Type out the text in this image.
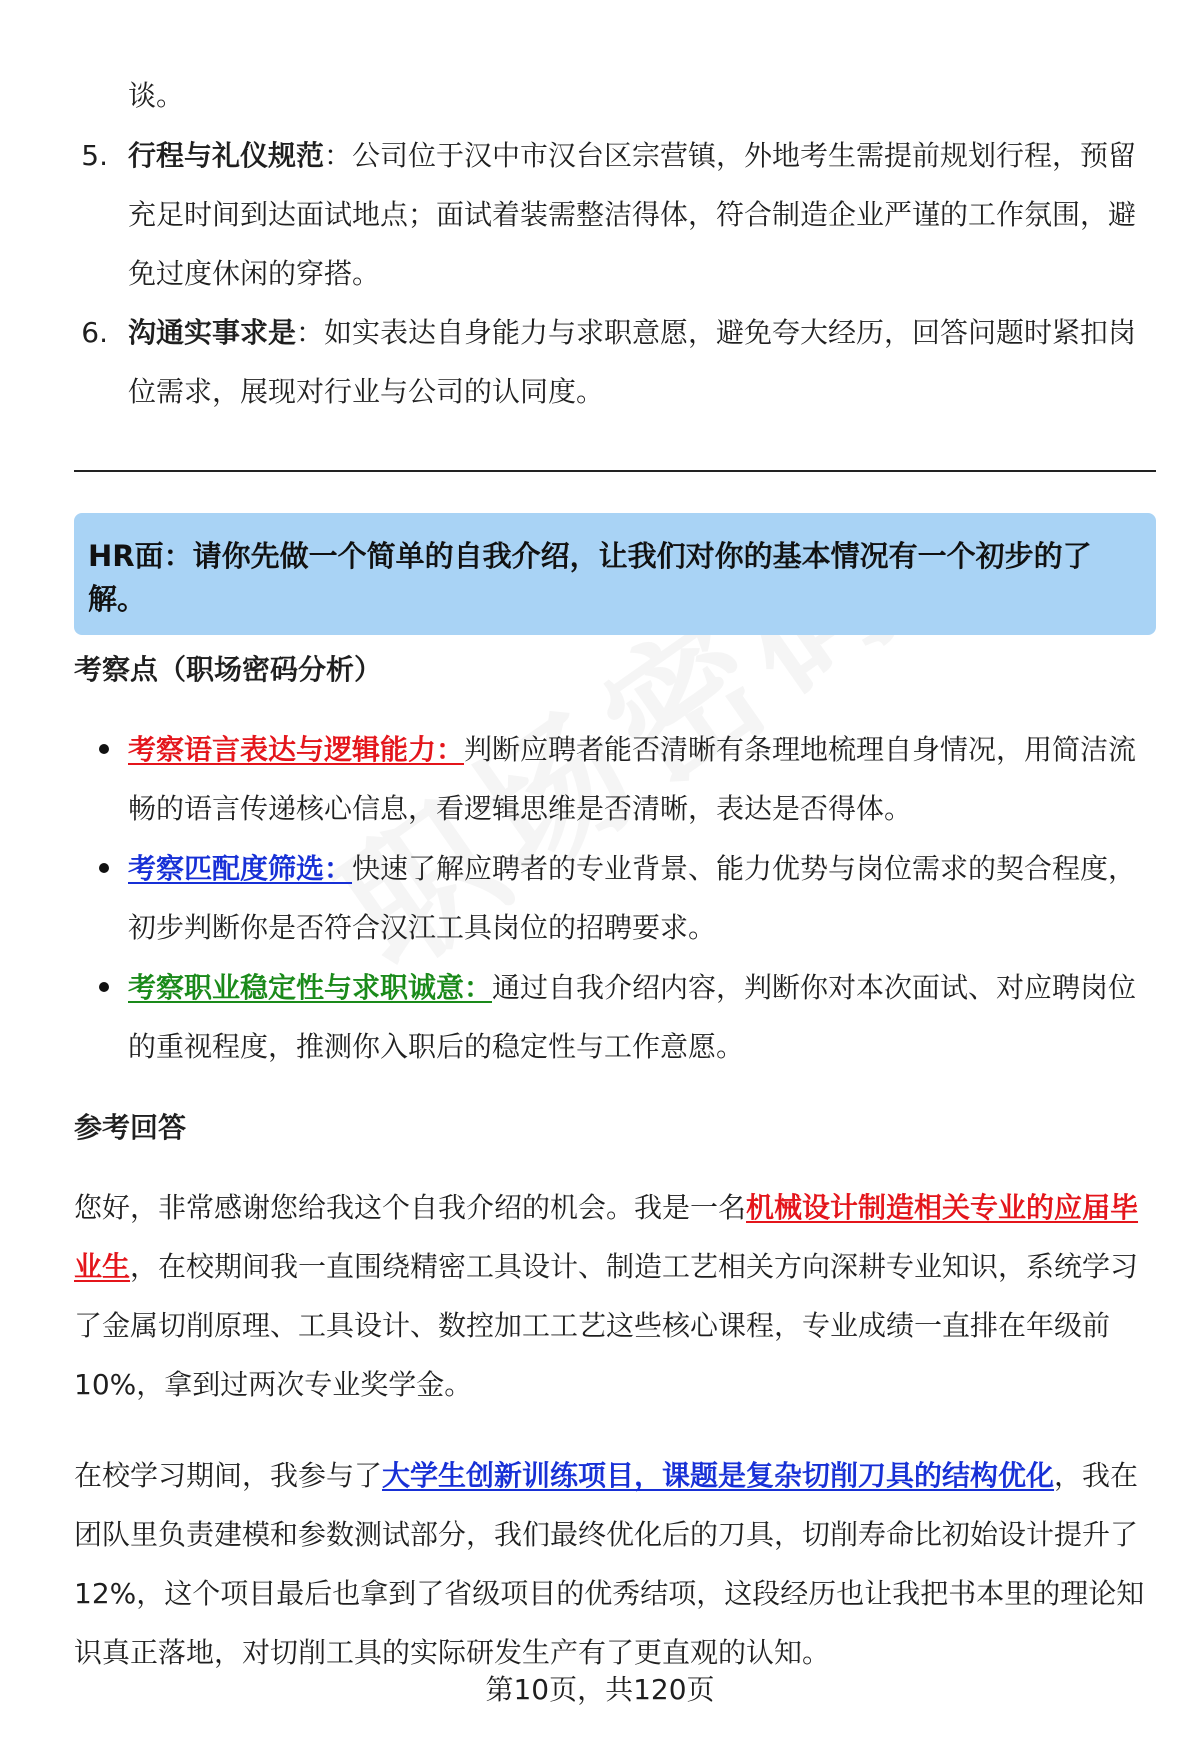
谈。

5. 行程与礼仪规范：公司位于汉中市汉台区宗营镇，外地考生需提前规划行程，预留充足时间到达面试地点；面试着装需整洁得体，符合制造企业严谨的工作氛围，避免过度休闲的穿搭。

6. 沟通实事求是：如实表达自身能力与求职意愿，避免夸大经历，回答问题时紧扣岗位需求，展现对行业与公司的认同度。

HR面：请你先做一个简单的自我介绍，让我们对你的基本情况有一个初步的了解。

考察点（职场密码分析）

考察语言表达与逻辑能力：判断应聘者能否清晰有条理地梳理自身情况，用简洁流畅的语言传递核心信息，看逻辑思维是否清晰，表达是否得体。

考察匹配度筛选：快速了解应聘者的专业背景、能力优势与岗位需求的契合程度，初步判断你是否符合汉江工具岗位的招聘要求。

考察职业稳定性与求职诚意：通过自我介绍内容，判断你对本次面试、对应聘岗位的重视程度，推测你入职后的稳定性与工作意愿。

参考回答

您好，非常感谢您给我这个自我介绍的机会。我是一名机械设计制造相关专业的应届毕业生，在校期间我一直围绕精密工具设计、制造工艺相关方向深耕专业知识，系统学习了金属切削原理、工具设计、数控加工工艺这些核心课程，专业成绩一直排在年级前10%，拿到过两次专业奖学金。

在校学习期间，我参与了大学生创新训练项目，课题是复杂切削刀具的结构优化，我在团队里负责建模和参数测试部分，我们最终优化后的刀具，切削寿命比初始设计提升了12%，这个项目最后也拿到了省级项目的优秀结项，这段经历也让我把书本里的理论知识真正落地，对切削工具的实际研发生产有了更直观的认知。

第10页，共120页
